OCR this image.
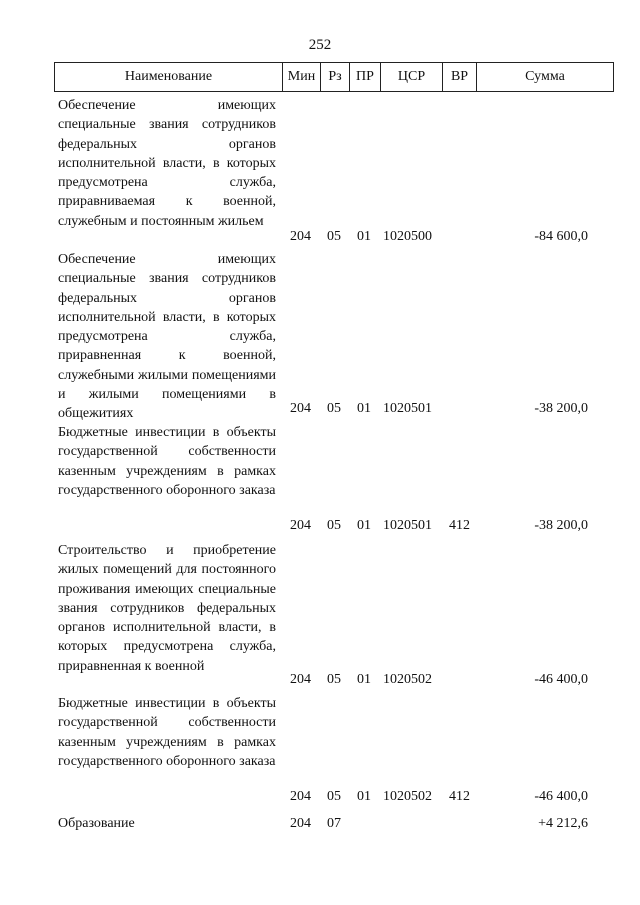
252
Наименование	Мин Рз	ПР	ЦСР	ВР	Сумма
Обеспечение имеющих специальные звания сотрудников федеральных органов исполнительной власти, в которых предусмотрена служба, приравниваемая к военной, служебным и постоянным жильем
204 05 01 1020500	-84 600,0
Обеспечение имеющих специальные звания сотрудников федеральных органов исполнительной власти, в которых предусмотрена служба, приравненная к военной, служебными жилыми помещениями и жилыми помещениями в общежитиях	204 05 01 1020501	-38 200,0
Бюджетные инвестиции в объекты государственной собственности казенным учреждениям в рамках государственного оборонного заказа
204 05 01 1020501 412	-38 200,0
Строительство и приобретение жилых помещений для постоянного проживания имеющих специальные звания сотрудников федеральных органов исполнительной власти, в которых предусмотрена служба, приравненная к военной
204 05 01 1020502	-46 400,0
Бюджетные инвестиции в объекты государственной собственности казенным учреждениям в рамках государственного оборонного заказа
204 05 01 1020502 412	-46 400,0
Образование	204 07	+4 212,6
